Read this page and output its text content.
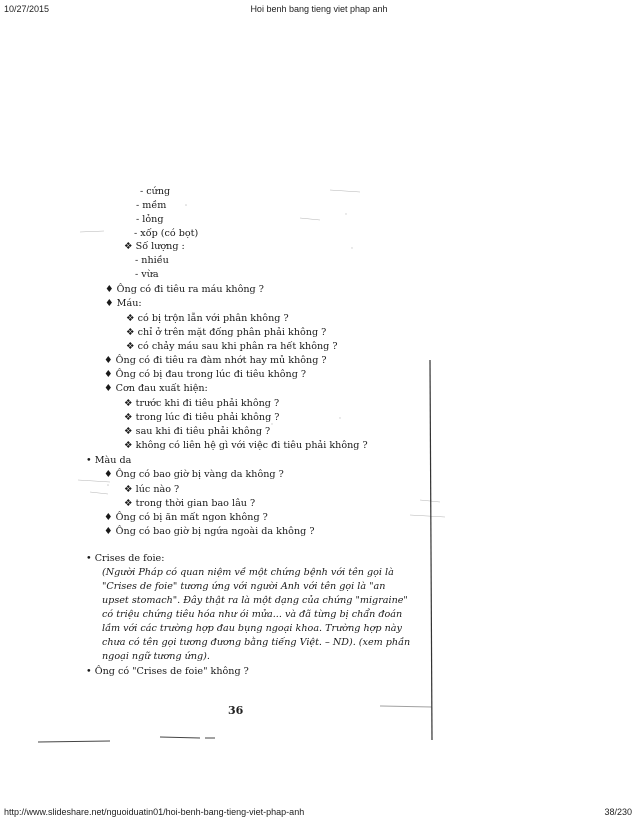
10/27/2015	Hoi benh bang tieng viet phap anh
- cứng
- mềm
- lỏng
- xốp (có bọt)
❖ Số lượng :
- nhiều
- vừa
♦ Ông có đi tiêu ra máu không ?
♦ Máu:
❖ có bị trộn lẫn với phân không ?
❖ chỉ ở trên mặt đống phân phải không ?
❖ có chảy máu sau khi phân ra hết không ?
♦ Ông có đi tiêu ra đàm nhớt hay mủ không ?
♦ Ông có bị đau trong lúc đi tiêu không ?
♦ Cơn đau xuất hiện:
❖ trước khi đi tiêu phải không ?
❖ trong lúc đi tiêu phải không ?
❖ sau khi đi tiêu phải không ?
❖ không có liên hệ gì với việc đi tiêu phải không ?
• Màu da
♦ Ông có bao giờ bị vàng da không ?
❖ lúc nào ?
❖ trong thời gian bao lâu ?
♦ Ông có bị ăn mất ngon không ?
♦ Ông có bao giờ bị ngứa ngoài da không ?
• Crises de foie:
(Người Pháp có quan niệm về một chứng bệnh với tên gọi là
"Crises de foie" tương ứng với người Anh với tên gọi là "an
upset stomach". Đây thật ra là một dạng của chứng "migraine"
có triệu chứng tiêu hóa như ói mửa... và đã từng bị chẩn đoán
lầm với các trường hợp đau bụng ngoại khoa. Trường hợp này
chưa có tên gọi tương đương bằng tiếng Việt. – ND). (xem phần
ngoại ngữ tương ứng).
• Ông có "Crises de foie" không ?
36
http://www.slideshare.net/nguoiduatin01/hoi-benh-bang-tieng-viet-phap-anh	38/230
